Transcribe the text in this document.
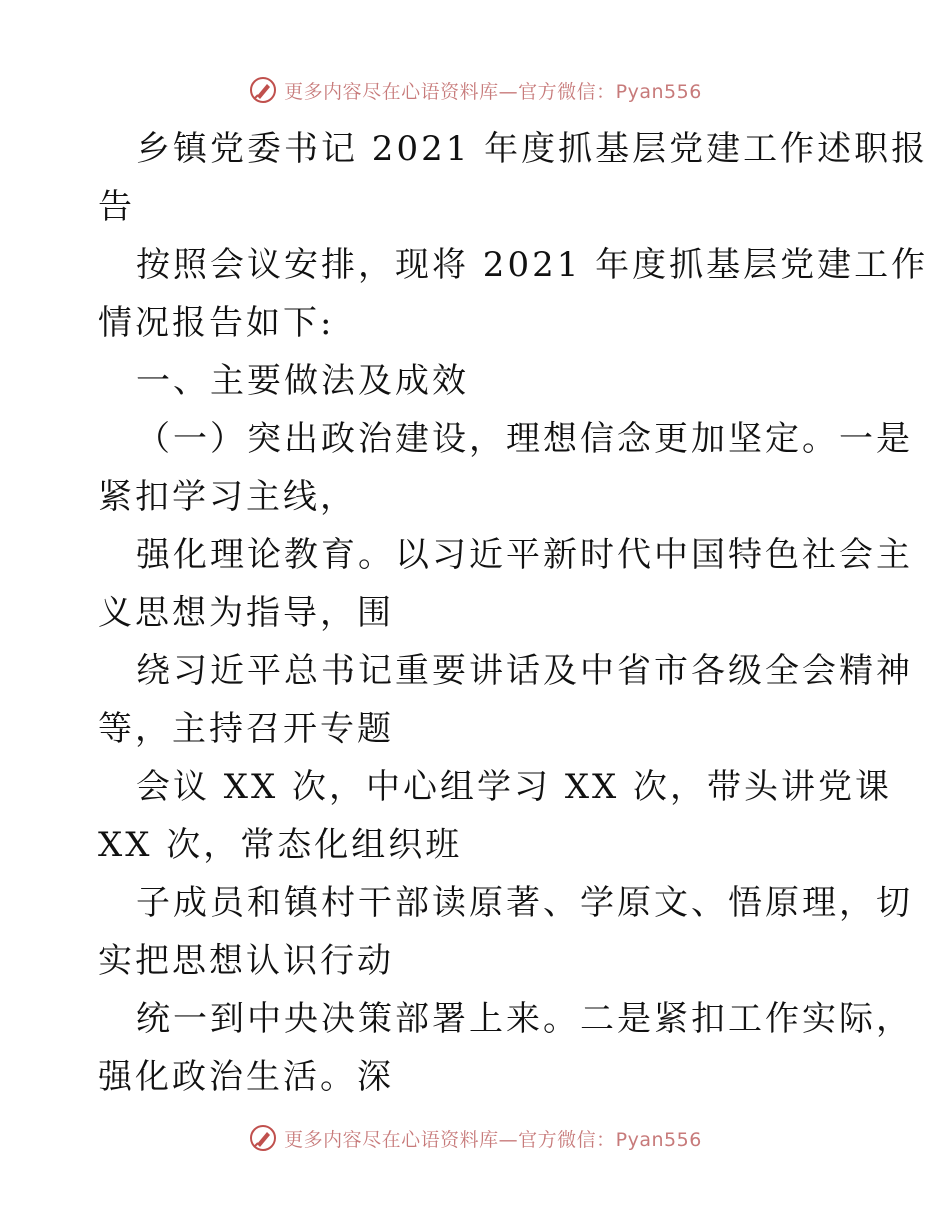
更多内容尽在心语资料库—官方微信：Pyan556

乡镇党委书记 2021 年度抓基层党建工作述职报

告

按照会议安排，现将 2021 年度抓基层党建工作

情况报告如下:

一、主要做法及成效

（一）突出政治建设，理想信念更加坚定。一是

紧扣学习主线，

强化理论教育。以习近平新时代中国特色社会主

义思想为指导，围

绕习近平总书记重要讲话及中省市各级全会精神

等，主持召开专题

会议 XX 次，中心组学习 XX 次，带头讲党课

XX 次，常态化组织班

子成员和镇村干部读原著、学原文、悟原理，切

实把思想认识行动

统一到中央决策部署上来。二是紧扣工作实际，

强化政治生活。深

更多内容尽在心语资料库—官方微信：Pyan556
